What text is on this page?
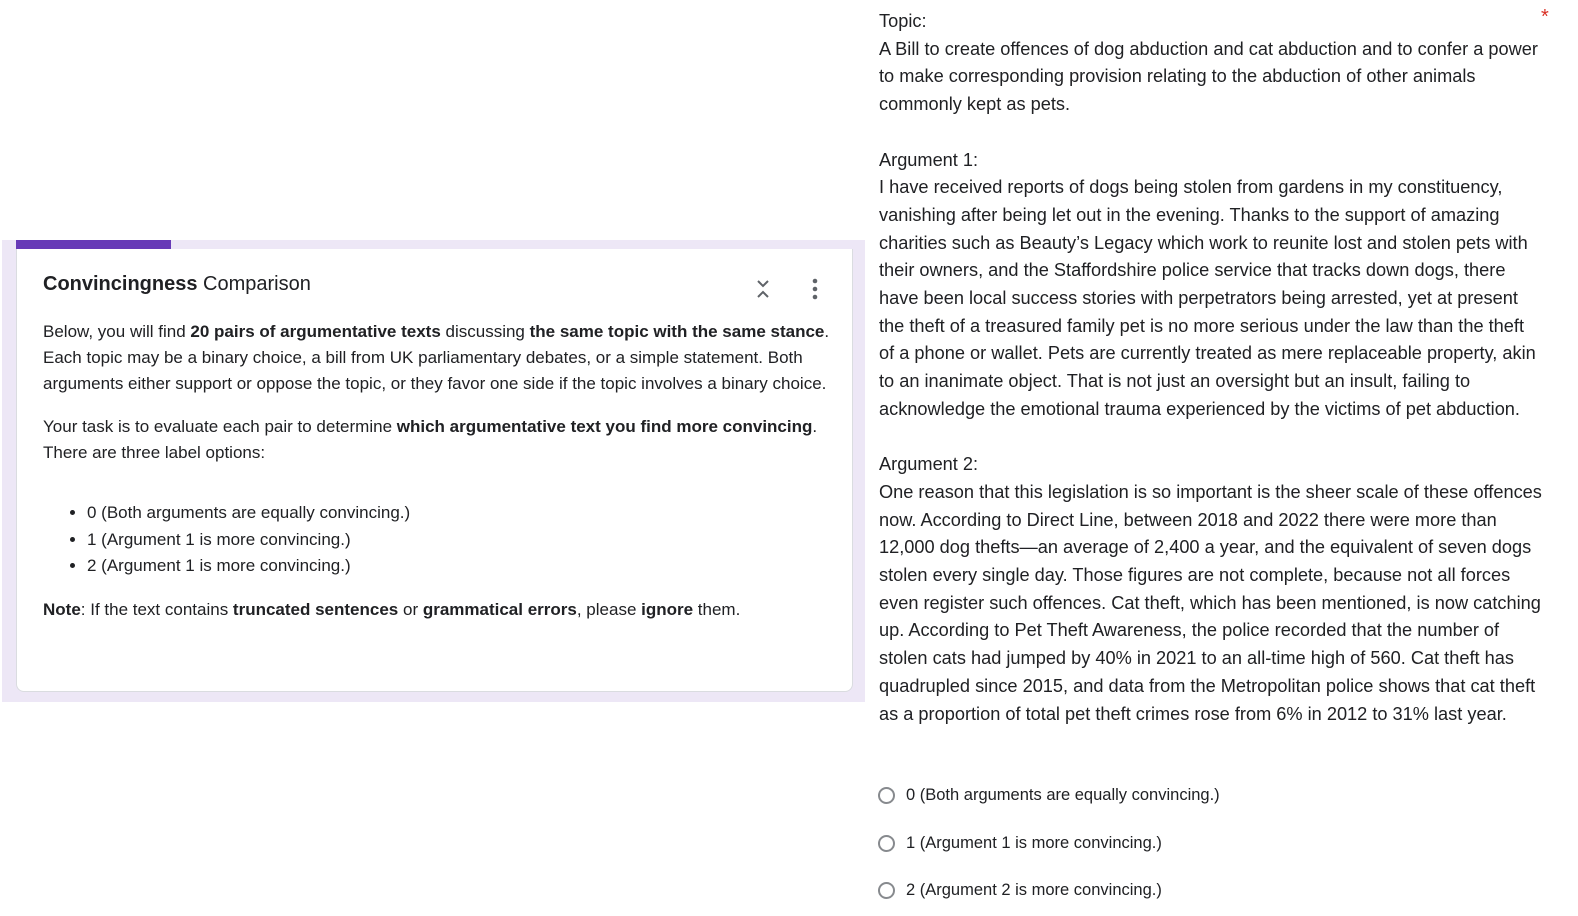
Convincingness Comparison

Below, you will find 20 pairs of argumentative texts discussing the same topic with the same stance. Each topic may be a binary choice, a bill from UK parliamentary debates, or a simple statement. Both arguments either support or oppose the topic, or they favor one side if the topic involves a binary choice.

Your task is to evaluate each pair to determine which argumentative text you find more convincing. There are three label options:

• 0 (Both arguments are equally convincing.)
• 1 (Argument 1 is more convincing.)
• 2 (Argument 1 is more convincing.)

Note: If the text contains truncated sentences or grammatical errors, please ignore them.

*

Topic:

A Bill to create offences of dog abduction and cat abduction and to confer a power to make corresponding provision relating to the abduction of other animals commonly kept as pets.

Argument 1:

I have received reports of dogs being stolen from gardens in my constituency, vanishing after being let out in the evening. Thanks to the support of amazing charities such as Beauty’s Legacy which work to reunite lost and stolen pets with their owners, and the Staffordshire police service that tracks down dogs, there have been local success stories with perpetrators being arrested, yet at present the theft of a treasured family pet is no more serious under the law than the theft of a phone or wallet. Pets are currently treated as mere replaceable property, akin to an inanimate object. That is not just an oversight but an insult, failing to acknowledge the emotional trauma experienced by the victims of pet abduction.

Argument 2:

One reason that this legislation is so important is the sheer scale of these offences now. According to Direct Line, between 2018 and 2022 there were more than 12,000 dog thefts—an average of 2,400 a year, and the equivalent of seven dogs stolen every single day. Those figures are not complete, because not all forces even register such offences. Cat theft, which has been mentioned, is now catching up. According to Pet Theft Awareness, the police recorded that the number of stolen cats had jumped by 40% in 2021 to an all-time high of 560. Cat theft has quadrupled since 2015, and data from the Metropolitan police shows that cat theft as a proportion of total pet theft crimes rose from 6% in 2012 to 31% last year.

0 (Both arguments are equally convincing.)
1 (Argument 1 is more convincing.)
2 (Argument 2 is more convincing.)
